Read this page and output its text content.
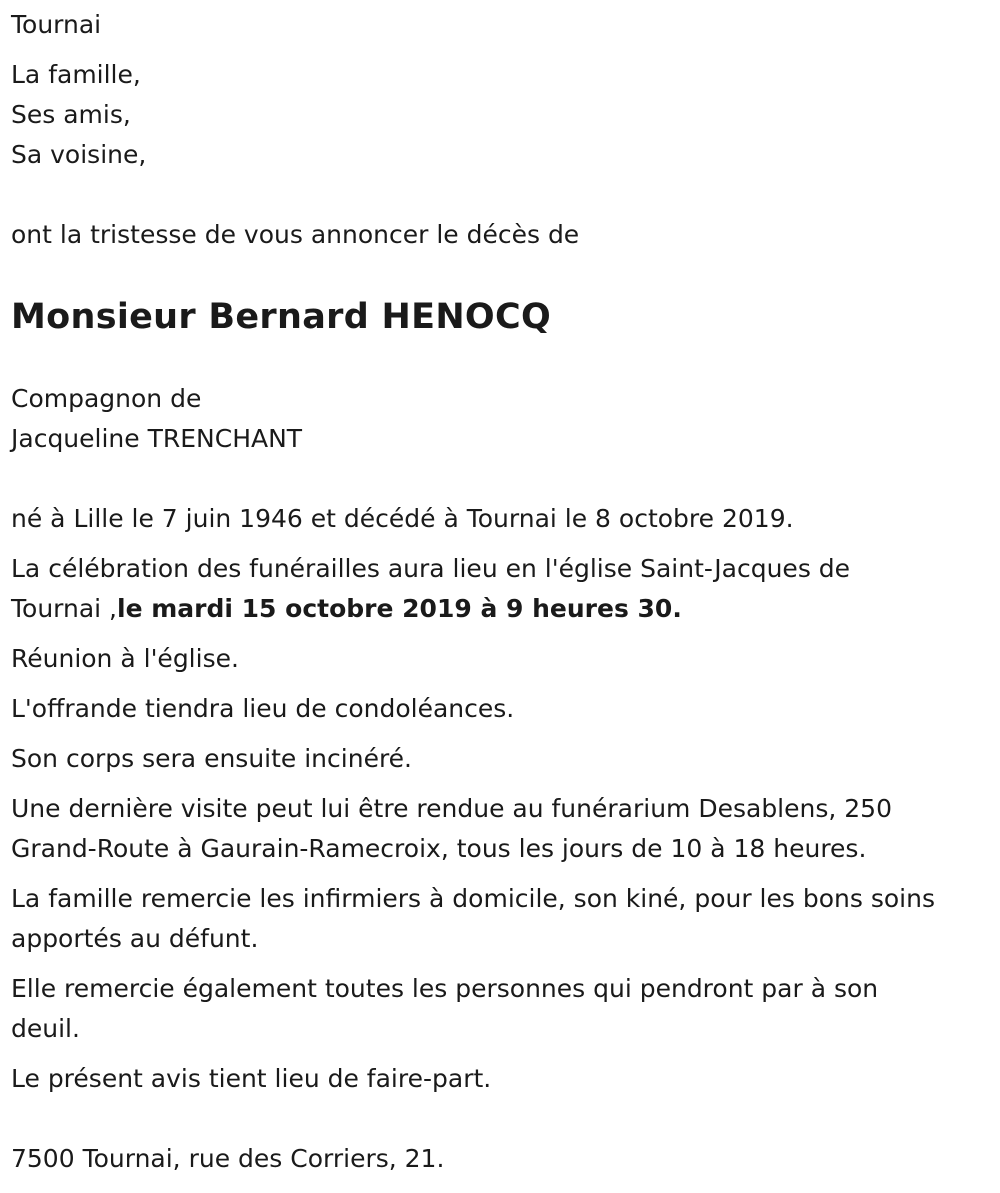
Tournai

La famille,

Ses amis,

Sa voisine,

ont la tristesse de vous annoncer le décès de

Monsieur Bernard HENOCQ

Compagnon de

Jacqueline TRENCHANT

né à Lille le 7 juin 1946 et décédé à Tournai le 8 octobre 2019.

La célébration des funérailles aura lieu en l'église Saint-Jacques de

Tournai ,le mardi 15 octobre 2019 à 9 heures 30.

Réunion à l'église.

L'offrande tiendra lieu de condoléances.

Son corps sera ensuite incinéré.

Une dernière visite peut lui être rendue au funérarium Desablens, 250

Grand-Route à Gaurain-Ramecroix, tous les jours de 10 à 18 heures.

La famille remercie les infirmiers à domicile, son kiné, pour les bons soins

apportés au défunt.

Elle remercie également toutes les personnes qui pendront par à son

deuil.

Le présent avis tient lieu de faire-part.

7500 Tournai, rue des Corriers, 21.
